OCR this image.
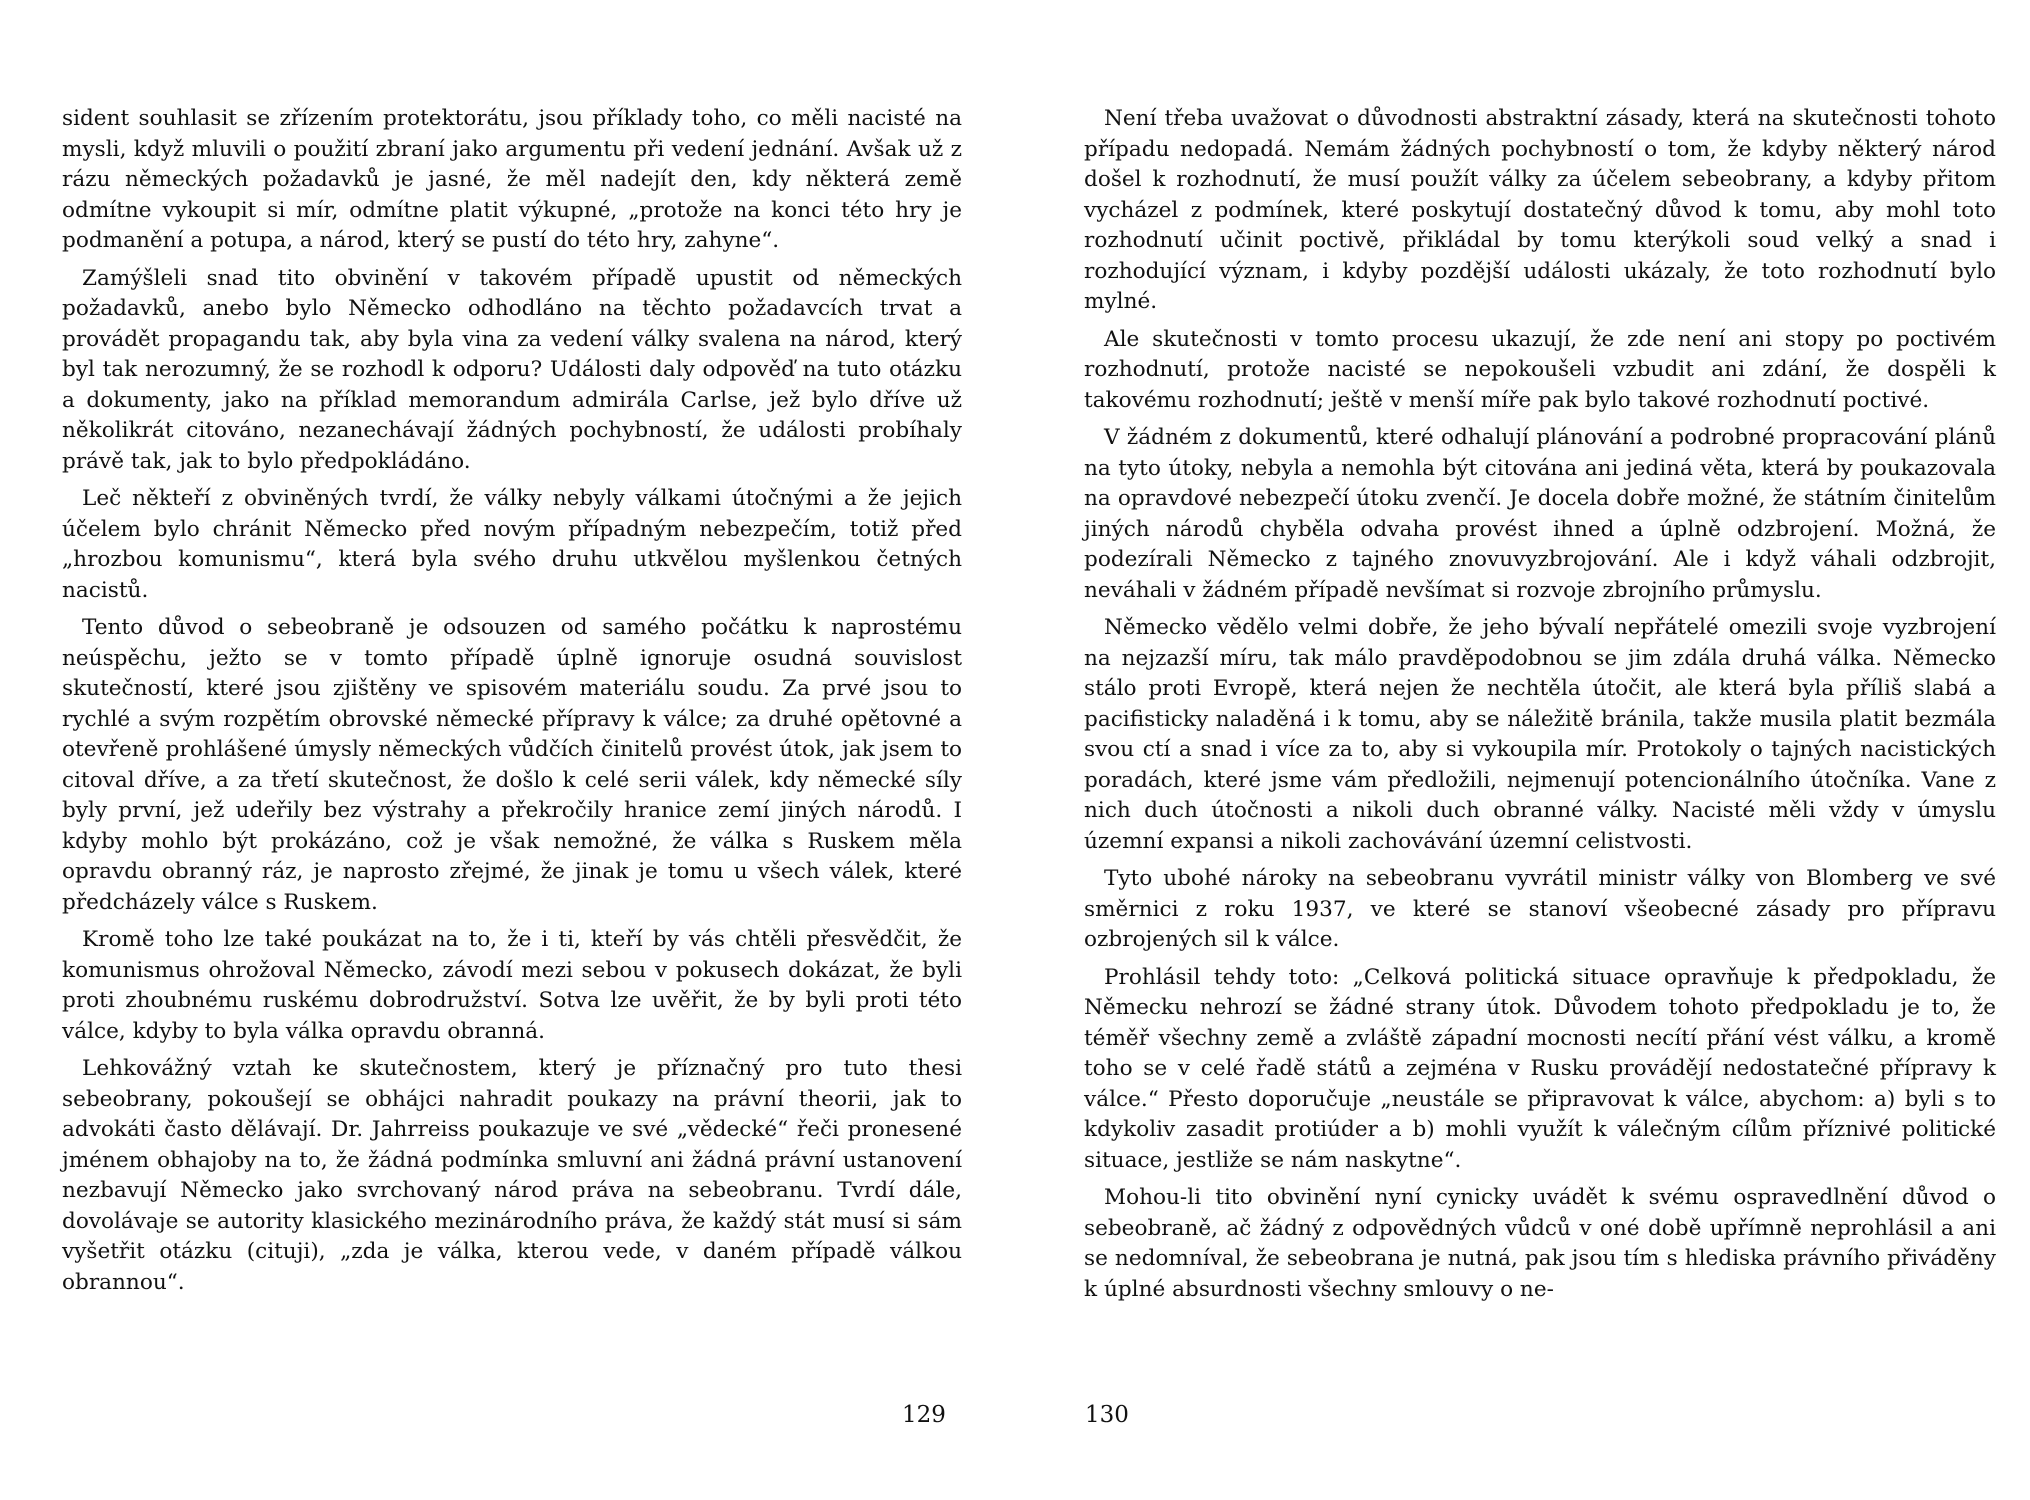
sident souhlasit se zřízením protektorátu, jsou příklady toho, co měli nacisté na mysli, když mluvili o použití zbraní jako argumentu při vedení jednání. Avšak už z rázu německých požadavků je jasné, že měl nadejít den, kdy některá země odmítne vykoupit si mír, odmítne platit výkupné, „protože na konci této hry je podmanění a potupa, a národ, který se pustí do této hry, zahyne“.

Zamýšleli snad tito obvinění v takovém případě upustit od německých požadavků, anebo bylo Německo odhodláno na těchto požadavcích trvat a provádět propagandu tak, aby byla vina za vedení války svalena na národ, který byl tak nerozumný, že se rozhodl k odporu? Události daly odpověď na tuto otázku a dokumenty, jako na příklad memorandum admirála Carlse, jež bylo dříve už několikrát citováno, nezanechávají žádných pochybností, že události probíhaly právě tak, jak to bylo předpokládáno.

Leč někteří z obviněných tvrdí, že války nebyly válkami útočnými a že jejich účelem bylo chránit Německo před novým případným nebezpečím, totiž před „hrozbou komunismu“, která byla svého druhu utkvělou myšlenkou četných nacistů.

Tento důvod o sebeobraně je odsouzen od samého počátku k naprostému neúspěchu, ježto se v tomto případě úplně ignoruje osudná souvislost skutečností, které jsou zjištěny ve spisovém materiálu soudu. Za prvé jsou to rychlé a svým rozpětím obrovské německé přípravy k válce; za druhé opětovné a otevřeně prohlášené úmysly německých vůdčích činitelů provést útok, jak jsem to citoval dříve, a za třetí skutečnost, že došlo k celé serii válek, kdy německé síly byly první, jež udeřily bez výstrahy a překročily hranice zemí jiných národů. I kdyby mohlo být prokázáno, což je však nemožné, že válka s Ruskem měla opravdu obranný ráz, je naprosto zřejmé, že jinak je tomu u všech válek, které předcházely válce s Ruskem.

Kromě toho lze také poukázat na to, že i ti, kteří by vás chtěli přesvědčit, že komunismus ohrožoval Německo, závodí mezi sebou v pokusech dokázat, že byli proti zhoubnému ruskému dobrodružství. Sotva lze uvěřit, že by byli proti této válce, kdyby to byla válka opravdu obranná.

Lehkovážný vztah ke skutečnostem, který je příznačný pro tuto thesi sebeobrany, pokoušejí se obhájci nahradit poukazy na právní theorii, jak to advokáti často dělávají. Dr. Jahrreiss poukazuje ve své „vědecké“ řeči pronesené jménem obhajoby na to, že žádná podmínka smluvní ani žádná právní ustanovení nezbavují Německo jako svrchovaný národ práva na sebeobranu. Tvrdí dále, dovolávaje se autority klasického mezinárodního práva, že každý stát musí si sám vyšetřit otázku (cituji), „zda je válka, kterou vede, v daném případě válkou obrannou“.

129

Není třeba uvažovat o důvodnosti abstraktní zásady, která na skutečnosti tohoto případu nedopadá. Nemám žádných pochybností o tom, že kdyby některý národ došel k rozhodnutí, že musí použít války za účelem sebeobrany, a kdyby přitom vycházel z podmínek, které poskytují dostatečný důvod k tomu, aby mohl toto rozhodnutí učinit poctivě, přikládal by tomu kterýkoli soud velký a snad i rozhodující význam, i kdyby pozdější události ukázaly, že toto rozhodnutí bylo mylné.

Ale skutečnosti v tomto procesu ukazují, že zde není ani stopy po poctivém rozhodnutí, protože nacisté se nepokoušeli vzbudit ani zdání, že dospěli k takovému rozhodnutí; ještě v menší míře pak bylo takové rozhodnutí poctivé.

V žádném z dokumentů, které odhalují plánování a podrobné propracování plánů na tyto útoky, nebyla a nemohla být citována ani jediná věta, která by poukazovala na opravdové nebezpečí útoku zvenčí. Je docela dobře možné, že státním činitelům jiných národů chyběla odvaha provést ihned a úplně odzbrojení. Možná, že podezírali Německo z tajného znovuvyzbrojování. Ale i když váhali odzbrojit, neváhali v žádném případě nevšímat si rozvoje zbrojního průmyslu.

Německo vědělo velmi dobře, že jeho bývalí nepřátelé omezili svoje vyzbrojení na nejzazší míru, tak málo pravděpodobnou se jim zdála druhá válka. Německo stálo proti Evropě, která nejen že nechtěla útočit, ale která byla příliš slabá a pacifisticky naladěná i k tomu, aby se náležitě bránila, takže musila platit bezmála svou ctí a snad i více za to, aby si vykoupila mír. Protokoly o tajných nacistických poradách, které jsme vám předložili, nejmenují potencionálního útočníka. Vane z nich duch útočnosti a nikoli duch obranné války. Nacisté měli vždy v úmyslu územní expansi a nikoli zachovávání územní celistvosti.

Tyto ubohé nároky na sebeobranu vyvrátil ministr války von Blomberg ve své směrnici z roku 1937, ve které se stanoví všeobecné zásady pro přípravu ozbrojených sil k válce.

Prohlásil tehdy toto: „Celková politická situace opravňuje k předpokladu, že Německu nehrozí se žádné strany útok. Důvodem tohoto předpokladu je to, že téměř všechny země a zvláště západní mocnosti necítí přání vést válku, a kromě toho se v celé řadě států a zejména v Rusku provádějí nedostatečné přípravy k válce.“ Přesto doporučuje „neustále se připravovat k válce, abychom: a) byli s to kdykoliv zasadit protiúder a b) mohli využít k válečným cílům příznivé politické situace, jestliže se nám naskytne“.

Mohou-li tito obvinění nyní cynicky uvádět k svému ospravedlnění důvod o sebeobraně, ač žádný z odpovědných vůdců v oné době upřímně neprohlásil a ani se nedomníval, že sebeobrana je nutná, pak jsou tím s hlediska právního přiváděny k úplné absurdnosti všechny smlouvy o ne-

130
